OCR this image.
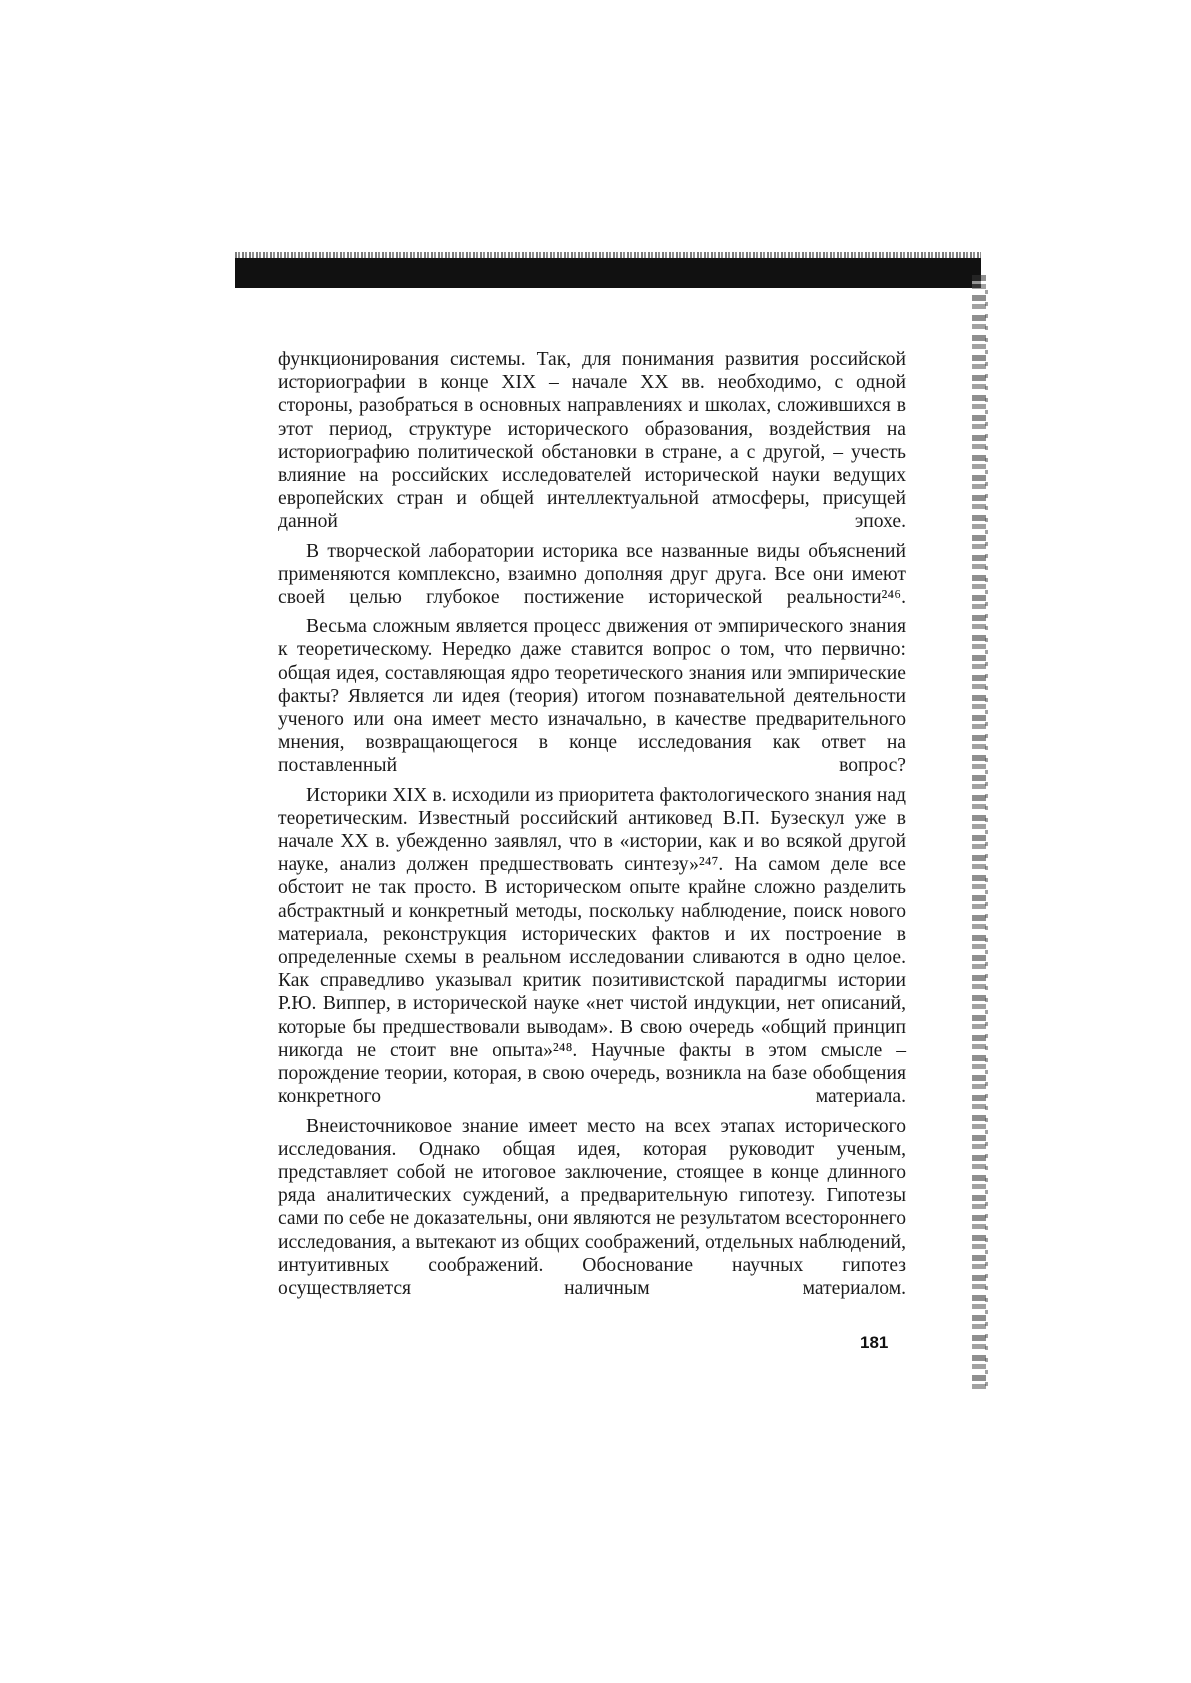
функционирования системы. Так, для понимания развития российской историографии в конце XIX – начале XX вв. необходимо, с одной стороны, разобраться в основных направлениях и школах, сложившихся в этот период, структуре исторического образования, воздействия на историографию политической обстановки в стране, а с другой, – учесть влияние на российских исследователей исторической науки ведущих европейских стран и общей интеллектуальной атмосферы, присущей данной эпохе.

В творческой лаборатории историка все названные виды объяснений применяются комплексно, взаимно дополняя друг друга. Все они имеют своей целью глубокое постижение исторической реальности²⁴⁶.

Весьма сложным является процесс движения от эмпирического знания к теоретическому. Нередко даже ставится вопрос о том, что первично: общая идея, составляющая ядро теоретического знания или эмпирические факты? Является ли идея (теория) итогом познавательной деятельности ученого или она имеет место изначально, в качестве предварительного мнения, возвращающегося в конце исследования как ответ на поставленный вопрос?

Историки XIX в. исходили из приоритета фактологического знания над теоретическим. Известный российский антиковед В.П. Бузескул уже в начале XX в. убежденно заявлял, что в «истории, как и во всякой другой науке, анализ должен предшествовать синтезу»²⁴⁷. На самом деле все обстоит не так просто. В историческом опыте крайне сложно разделить абстрактный и конкретный методы, поскольку наблюдение, поиск нового материала, реконструкция исторических фактов и их построение в определенные схемы в реальном исследовании сливаются в одно целое. Как справедливо указывал критик позитивистской парадигмы истории Р.Ю. Виппер, в исторической науке «нет чистой индукции, нет описаний, которые бы предшествовали выводам». В свою очередь «общий принцип никогда не стоит вне опыта»²⁴⁸. Научные факты в этом смысле – порождение теории, которая, в свою очередь, возникла на базе обобщения конкретного материала.

Внеисточниковое знание имеет место на всех этапах исторического исследования. Однако общая идея, которая руководит ученым, представляет собой не итоговое заключение, стоящее в конце длинного ряда аналитических суждений, а предварительную гипотезу. Гипотезы сами по себе не доказательны, они являются не результатом всестороннего исследования, а вытекают из общих соображений, отдельных наблюдений, интуитивных соображений. Обоснование научных гипотез осуществляется наличным материалом.

181
